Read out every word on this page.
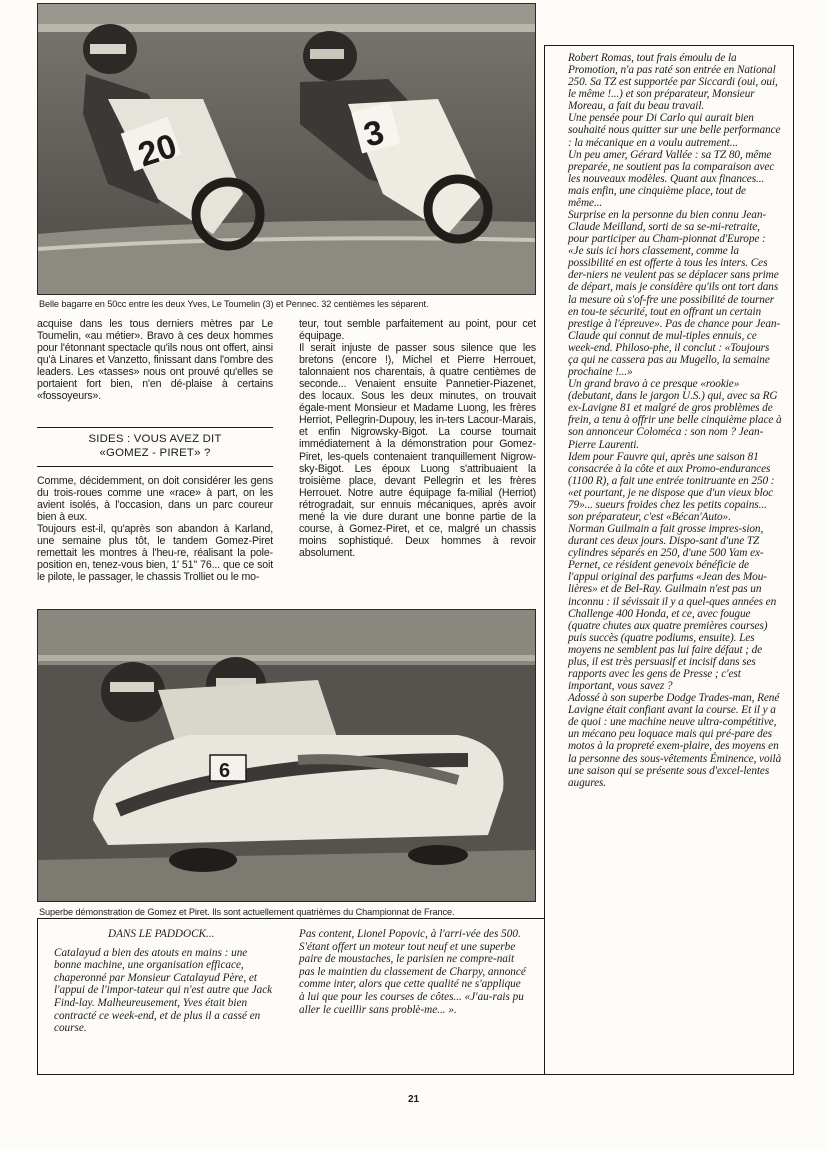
20	3
Belle bagarre en 50cc entre les deux Yves, Le Toumelin (3) et Pennec. 32 centièmes les séparent.

acquise dans les tous derniers mètres par Le Toumelin, «au métier». Bravo à ces deux hommes pour l'étonnant spectacle qu'ils nous ont offert, ainsi qu'à Linares et Vanzetto, finissant dans l'ombre des leaders. Les «tasses» nous ont prouvé qu'elles se portaient fort bien, n'en dé-plaise à certains «fossoyeurs».

SIDES : VOUS AVEZ DIT
«GOMEZ - PIRET» ?

Comme, décidemment, on doit considérer les gens du trois-roues comme une «race» à part, on les avient isolés, à l'occasion, dans un parc coureur bien à eux.

Toujours est-il, qu'après son abandon à Karland, une semaine plus tôt, le tandem Gomez-Piret remettait les montres à l'heu-re, réalisant la pole-position en, tenez-vous bien, 1' 51'' 76... que ce soit le pilote, le passager, le chassis Trolliet ou le mo-

teur, tout semble parfaitement au point, pour cet équipage.

Il serait injuste de passer sous silence que les bretons (encore !), Michel et Pierre Herrouet, talonnaient nos charentais, à quatre centièmes de seconde... Venaient ensuite Pannetier-Piazenet, des locaux. Sous les deux minutes, on trouvait égale-ment Monsieur et Madame Luong, les frères Herriot, Pellegrin-Dupouy, les in-ters Lacour-Marais, et enfin Nigrowsky-Bigot. La course tournait immédiatement à la démonstration pour Gomez-Piret, les-quels contenaient tranquillement Nigrow-sky-Bigot. Les époux Luong s'attribuaient la troisième place, devant Pellegrin et les frères Herrouet. Notre autre équipage fa-milial (Herriot) rétrogradait, sur ennuis mécaniques, après avoir mené la vie dure durant une bonne partie de la course, à Gomez-Piret, et ce, malgré un chassis moins sophistiqué. Deux hommes à revoir absolument.

6
Superbe démonstration de Gomez et Piret. Ils sont actuellement quatrièmes du Championnat de France.

Robert Romas, tout frais émoulu de la Promotion, n'a pas raté son entrée en National 250. Sa TZ est supportée par Siccardi (oui, oui, le même !...) et son préparateur, Monsieur Moreau, a fait du beau travail.

Une pensée pour Di Carlo qui aurait bien souhaité nous quitter sur une belle performance : la mécanique en a voulu autrement...

Un peu amer, Gérard Vallée : sa TZ 80, même preparée, ne soutient pas la comparaison avec les nouveaux modèles. Quant aux finances... mais enfin, une cinquième place, tout de même...

Surprise en la personne du bien connu Jean-Claude Meilland, sorti de sa se-mi-retraite, pour participer au Cham-pionnat d'Europe : «Je suis ici hors classement, comme la possibilité en est offerte à tous les inters. Ces der-niers ne veulent pas se déplacer sans prime de départ, mais je considère qu'ils ont tort dans la mesure où s'of-fre une possibilité de tourner en tou-te sécurité, tout en offrant un certain prestige à l'épreuve». Pas de chance pour Jean-Claude qui connut de mul-tiples ennuis, ce week-end. Philoso-phe, il conclut : «Toujours ça qui ne cassera pas au Mugello, la semaine prochaine !...»

Un grand bravo à ce presque «rookie» (debutant, dans le jargon U.S.) qui, avec sa RG ex-Lavigne 81 et malgré de gros problèmes de frein, a tenu à offrir une belle cinquième place à son annonceur Coloméca : son nom ? Jean-Pierre Laurenti.

Idem pour Fauvre qui, après une saison 81 consacrée à la côte et aux Promo-endurances (1100 R), a fait une entrée tonitruante en 250 : «et pourtant, je ne dispose que d'un vieux bloc 79»... sueurs froides chez les petits copains... son préparateur, c'est «Bécan'Auto».

Norman Guilmain a fait grosse impres-sion, durant ces deux jours. Dispo-sant d'une TZ cylindres séparés en 250, d'une 500 Yam ex-Pernet, ce résident genevoix bénéficie de l'appui original des parfums «Jean des Mou-lières» et de Bel-Ray. Guilmain n'est pas un inconnu : il sévissait il y a quel-ques années en Challenge 400 Honda, et ce, avec fougue (quatre chutes aux quatre premières courses) puis succès (quatre podiums, ensuite). Les moyens ne semblent pas lui faire défaut ; de plus, il est très persuasif et incisif dans ses rapports avec les gens de Presse ; c'est important, vous savez ?

Adossé à son superbe Dodge Trades-man, René Lavigne était confiant avant la course. Et il y a de quoi : une machine neuve ultra-compétitive, un mécano peu loquace mais qui pré-pare des motos à la propreté exem-plaire, des moyens en la personne des sous-vêtements Éminence, voilà une saison qui se présente sous d'excel-lentes augures.

DANS LE PADDOCK...

Catalayud a bien des atouts en mains : une bonne machine, une organisation efficace, chaperonné par Monsieur Catalayud Père, et l'appui de l'impor-tateur qui n'est autre que Jack Find-lay. Malheureusement, Yves était bien contracté ce week-end, et de plus il a cassé en course.

Pas content, Lionel Popovic, à l'arri-vée des 500. S'étant offert un moteur tout neuf et une superbe paire de moustaches, le parisien ne compre-nait pas le maintien du classement de Charpy, annoncé comme inter, alors que cette qualité ne s'applique à lui que pour les courses de côtes... «J'au-rais pu aller le cueillir sans problè-me... ».

21
